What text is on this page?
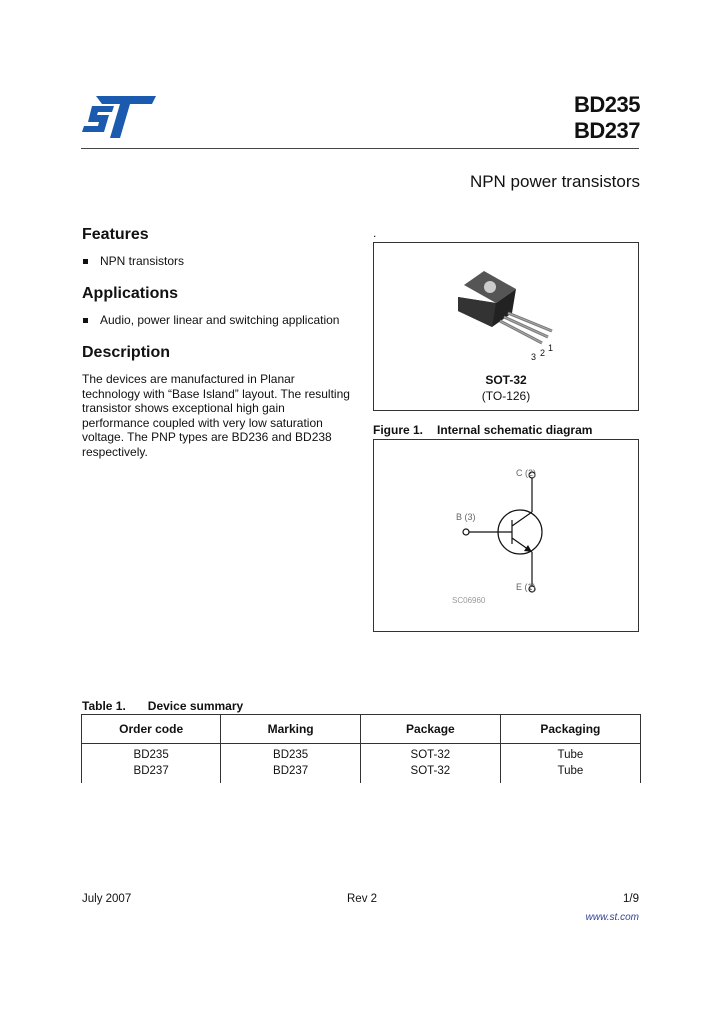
BD235
BD237
NPN power transistors
Features
NPN transistors
Applications
Audio, power linear and switching application
Description
The devices are manufactured in Planar technology with “Base Island” layout. The resulting transistor shows exceptional high gain performance coupled with very low saturation voltage. The PNP types are BD236 and BD238 respectively.
.
3 2 1
SOT-32
(TO-126)
Figure 1. Internal schematic diagram
C (2)
B (3)
E (1)
SC06960
Table 1. Device summary
Order code	Marking	Package	Packaging
BD235	BD235	SOT-32	Tube
BD237	BD237	SOT-32	Tube
July 2007	Rev 2	1/9
www.st.com
